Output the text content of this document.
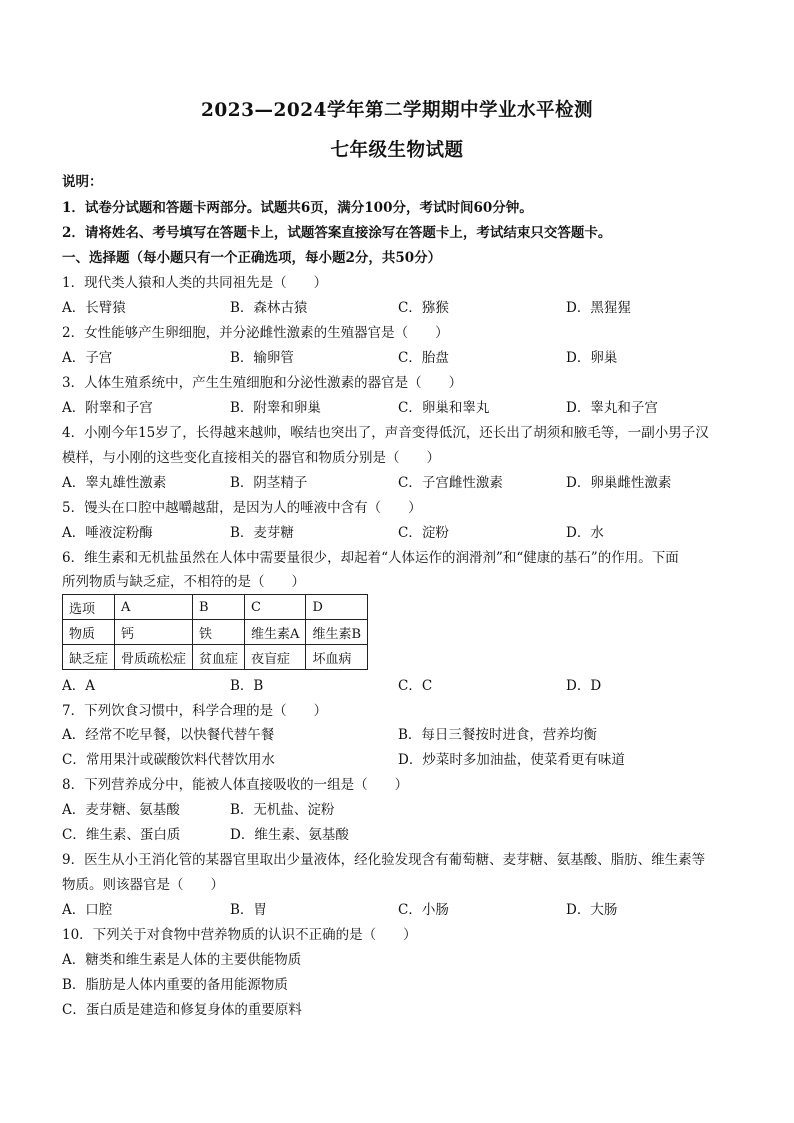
2023—2024学年第二学期期中学业水平检测
七年级生物试题
说明：
1．试卷分试题和答题卡两部分。试题共6页，满分100分，考试时间60分钟。
2．请将姓名、考号填写在答题卡上，试题答案直接涂写在答题卡上，考试结束只交答题卡。
一、选择题（每小题只有一个正确选项，每小题2分，共50分）
1．现代类人猿和人类的共同祖先是（　　）
A．长臂猿	B．森林古猿	C．猕猴	D．黑猩猩
2．女性能够产生卵细胞，并分泌雌性激素的生殖器官是（　　）
A．子宫	B．输卵管	C．胎盘	D．卵巢
3．人体生殖系统中，产生生殖细胞和分泌性激素的器官是（　　）
A．附睾和子宫	B．附睾和卵巢	C．卵巢和睾丸	D．睾丸和子宫
4．小刚今年15岁了，长得越来越帅，喉结也突出了，声音变得低沉，还长出了胡须和腋毛等，一副小男子汉
模样，与小刚的这些变化直接相关的器官和物质分别是（　　）
A．睾丸雄性激素	B．阴茎精子	C．子宫雌性激素	D．卵巢雌性激素
5．馒头在口腔中越嚼越甜，是因为人的唾液中含有（　　）
A．唾液淀粉酶	B．麦芽糖	C．淀粉	D．水
6．维生素和无机盐虽然在人体中需要量很少，却起着“人体运作的润滑剂”和“健康的基石”的作用。下面
所列物质与缺乏症，不相符的是（　　）
选项	A	B	C	D
物质	钙	铁	维生素A	维生素B
缺乏症	骨质疏松症	贫血症	夜盲症	坏血病
A．A	B．B	C．C	D．D
7．下列饮食习惯中，科学合理的是（　　）
A．经常不吃早餐，以快餐代替午餐	B．每日三餐按时进食，营养均衡
C．常用果汁或碳酸饮料代替饮用水	D．炒菜时多加油盐，使菜肴更有味道
8．下列营养成分中，能被人体直接吸收的一组是（　　）
A．麦芽糖、氨基酸	B．无机盐、淀粉
C．维生素、蛋白质	D．维生素、氨基酸
9．医生从小王消化管的某器官里取出少量液体，经化验发现含有葡萄糖、麦芽糖、氨基酸、脂肪、维生素等
物质。则该器官是（　　）
A．口腔	B．胃	C．小肠	D．大肠
10．下列关于对食物中营养物质的认识不正确的是（　　）
A．糖类和维生素是人体的主要供能物质
B．脂肪是人体内重要的备用能源物质
C．蛋白质是建造和修复身体的重要原料
